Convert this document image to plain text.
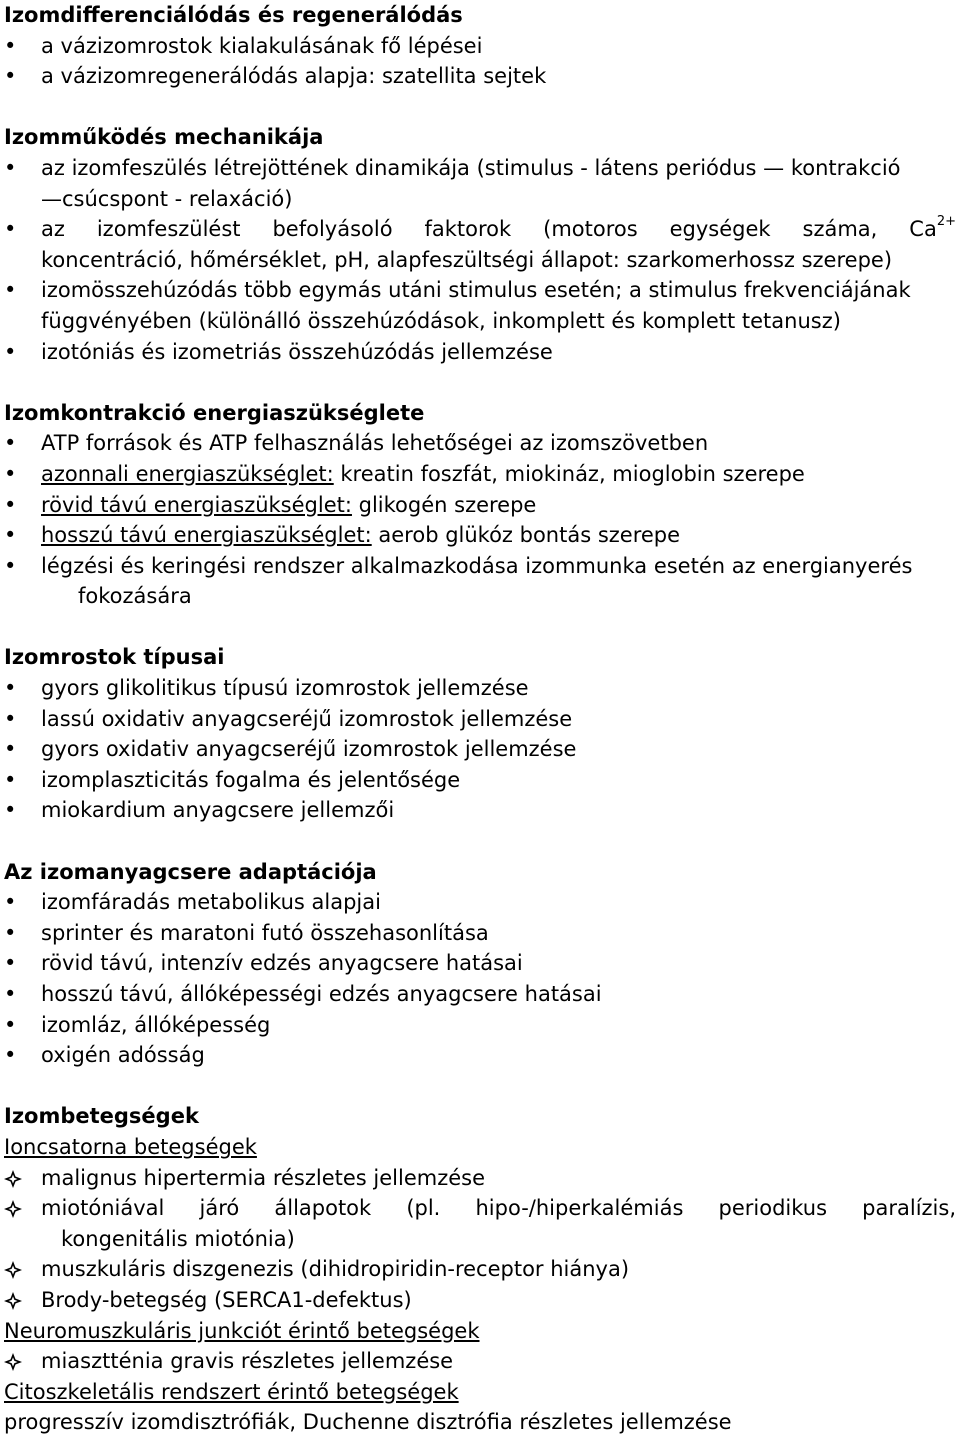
Izomdifferenciálódás és regenerálódás
• a vázizomrostok kialakulásának fő lépései
• a vázizomregenerálódás alapja: szatellita sejtek
Izomműködés mechanikája
• az izomfeszülés létrejöttének dinamikája (stimulus - látens periódus — kontrakció
—csúcspont - relaxáció)
• az izomfeszülést befolyásoló faktorok (motoros egységek száma, $Ca^{2+}$
koncentráció, hőmérséklet, pH, alapfeszültségi állapot: szarkomerhossz szerepe)
• izomösszehúzódás több egymás utáni stimulus esetén; a stimulus frekvenciájának
függvényében (különálló összehúzódások, inkomplett és komplett tetanusz)
• izotóniás és izometriás összehúzódás jellemzése
Izomkontrakció energiaszükséglete
• ATP források és ATP felhasználás lehetőségei az izomszövetben
• azonnali energiaszükséglet: kreatin foszfát, miokináz, mioglobin szerepe
• rövid távú energiaszükséglet: glikogén szerepe
• hosszú távú energiaszükséglet: aerob glükóz bontás szerepe
• légzési és keringési rendszer alkalmazkodása izommunka esetén az energianyerés
fokozására
Izomrostok típusai
• gyors glikolitikus típusú izomrostok jellemzése
• lassú oxidativ anyagcseréjű izomrostok jellemzése
• gyors oxidativ anyagcseréjű izomrostok jellemzése
• izomplaszticitás fogalma és jelentősége
• miokardium anyagcsere jellemzői
Az izomanyagcsere adaptációja
• izomfáradás metabolikus alapjai
• sprinter és maratoni futó összehasonlítása
• rövid távú, intenzív edzés anyagcsere hatásai
• hosszú távú, állóképességi edzés anyagcsere hatásai
• izomláz, állóképesség
• oxigén adósság
Izombetegségek
Ioncsatorna betegségek
malignus hipertermia részletes jellemzése
miotóniával járó állapotok (pl. hipo-/hiperkalémiás periodikus paralízis,
kongenitális miotónia)
muszkuláris diszgenezis (dihidropiridin-receptor hiánya)
Brody-betegség (SERCA1-defektus)
Neuromuszkuláris junkciót érintő betegségek
miasztténia gravis részletes jellemzése
Citoszkeletális rendszert érintő betegségek
progresszív izomdisztrófiák, Duchenne disztrófia részletes jellemzése
